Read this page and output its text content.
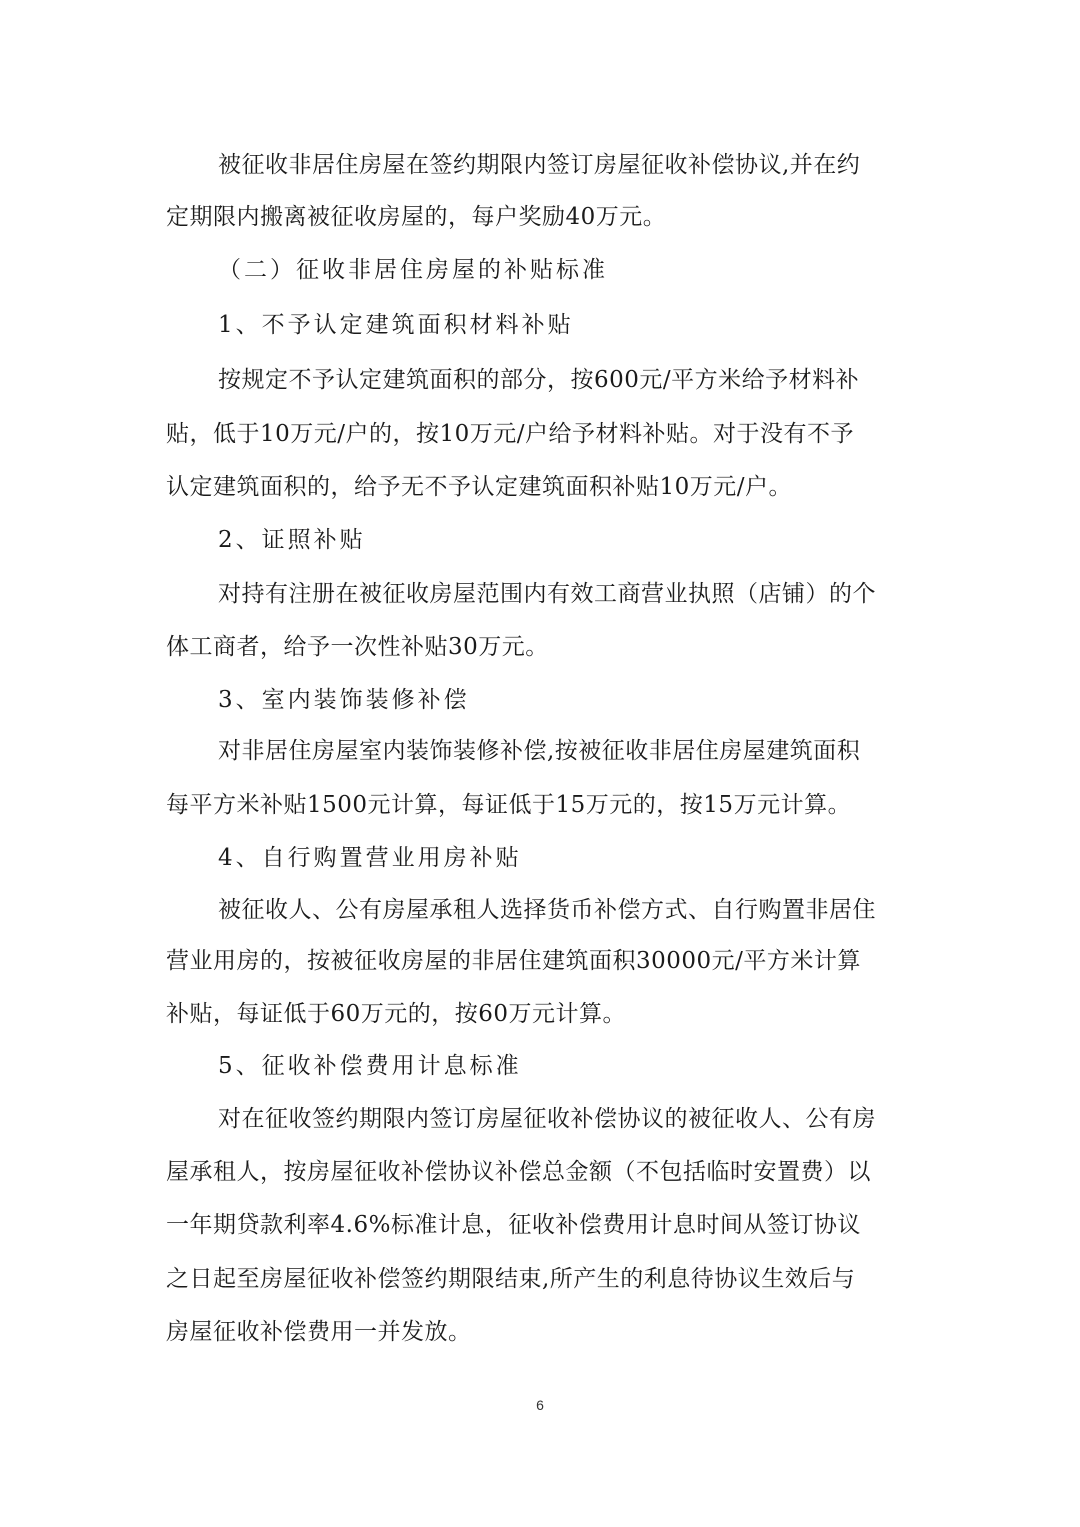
被征收非居住房屋在签约期限内签订房屋征收补偿协议,并在约
定期限内搬离被征收房屋的，每户奖励40万元。
（二）征收非居住房屋的补贴标准
1、不予认定建筑面积材料补贴
按规定不予认定建筑面积的部分，按600元/平方米给予材料补
贴，低于10万元/户的，按10万元/户给予材料补贴。对于没有不予
认定建筑面积的，给予无不予认定建筑面积补贴10万元/户。
2、证照补贴
对持有注册在被征收房屋范围内有效工商营业执照（店铺）的个
体工商者，给予一次性补贴30万元。
3、室内装饰装修补偿
对非居住房屋室内装饰装修补偿,按被征收非居住房屋建筑面积
每平方米补贴1500元计算，每证低于15万元的，按15万元计算。
4、自行购置营业用房补贴
被征收人、公有房屋承租人选择货币补偿方式、自行购置非居住
营业用房的，按被征收房屋的非居住建筑面积30000元/平方米计算
补贴，每证低于60万元的，按60万元计算。
5、征收补偿费用计息标准
对在征收签约期限内签订房屋征收补偿协议的被征收人、公有房
屋承租人，按房屋征收补偿协议补偿总金额（不包括临时安置费）以
一年期贷款利率4.6%标准计息，征收补偿费用计息时间从签订协议
之日起至房屋征收补偿签约期限结束,所产生的利息待协议生效后与
房屋征收补偿费用一并发放。
6
